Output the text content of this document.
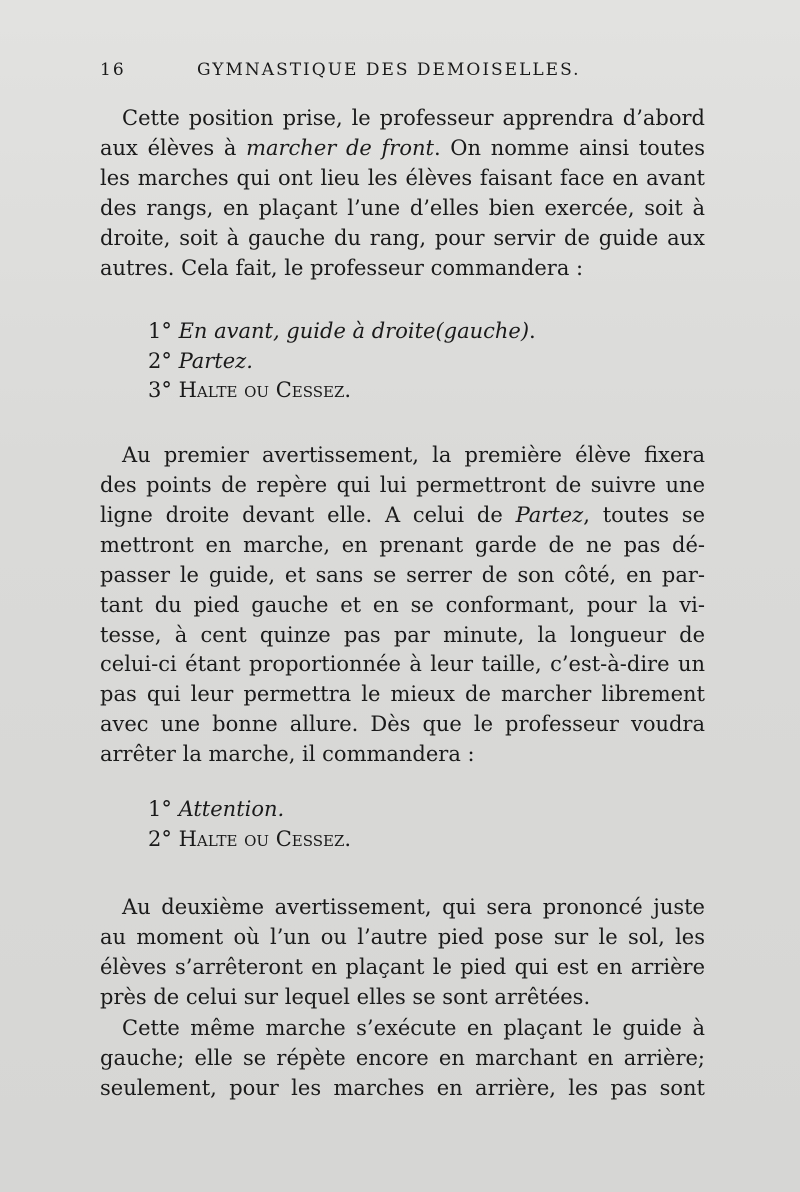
16	GYMNASTIQUE DES DEMOISELLES.
Cette position prise, le professeur apprendra d’abord
aux élèves à marcher de front. On nomme ainsi toutes
les marches qui ont lieu les élèves faisant face en avant
des rangs, en plaçant l’une d’elles bien exercée, soit à
droite, soit à gauche du rang, pour servir de guide aux
autres. Cela fait, le professeur commandera :
1° En avant, guide à droite(gauche).
2° Partez.
3° Halte ou Cessez.
Au premier avertissement, la première élève fixera
des points de repère qui lui permettront de suivre une
ligne droite devant elle. A celui de Partez, toutes se
mettront en marche, en prenant garde de ne pas dé-
passer le guide, et sans se serrer de son côté, en par-
tant du pied gauche et en se conformant, pour la vi-
tesse, à cent quinze pas par minute, la longueur de
celui-ci étant proportionnée à leur taille, c’est-à-dire un
pas qui leur permettra le mieux de marcher librement
avec une bonne allure. Dès que le professeur voudra
arrêter la marche, il commandera :
1° Attention.
2° Halte ou Cessez.
Au deuxième avertissement, qui sera prononcé juste
au moment où l’un ou l’autre pied pose sur le sol, les
élèves s’arrêteront en plaçant le pied qui est en arrière
près de celui sur lequel elles se sont arrêtées.
Cette même marche s’exécute en plaçant le guide à
gauche; elle se répète encore en marchant en arrière;
seulement, pour les marches en arrière, les pas sont
